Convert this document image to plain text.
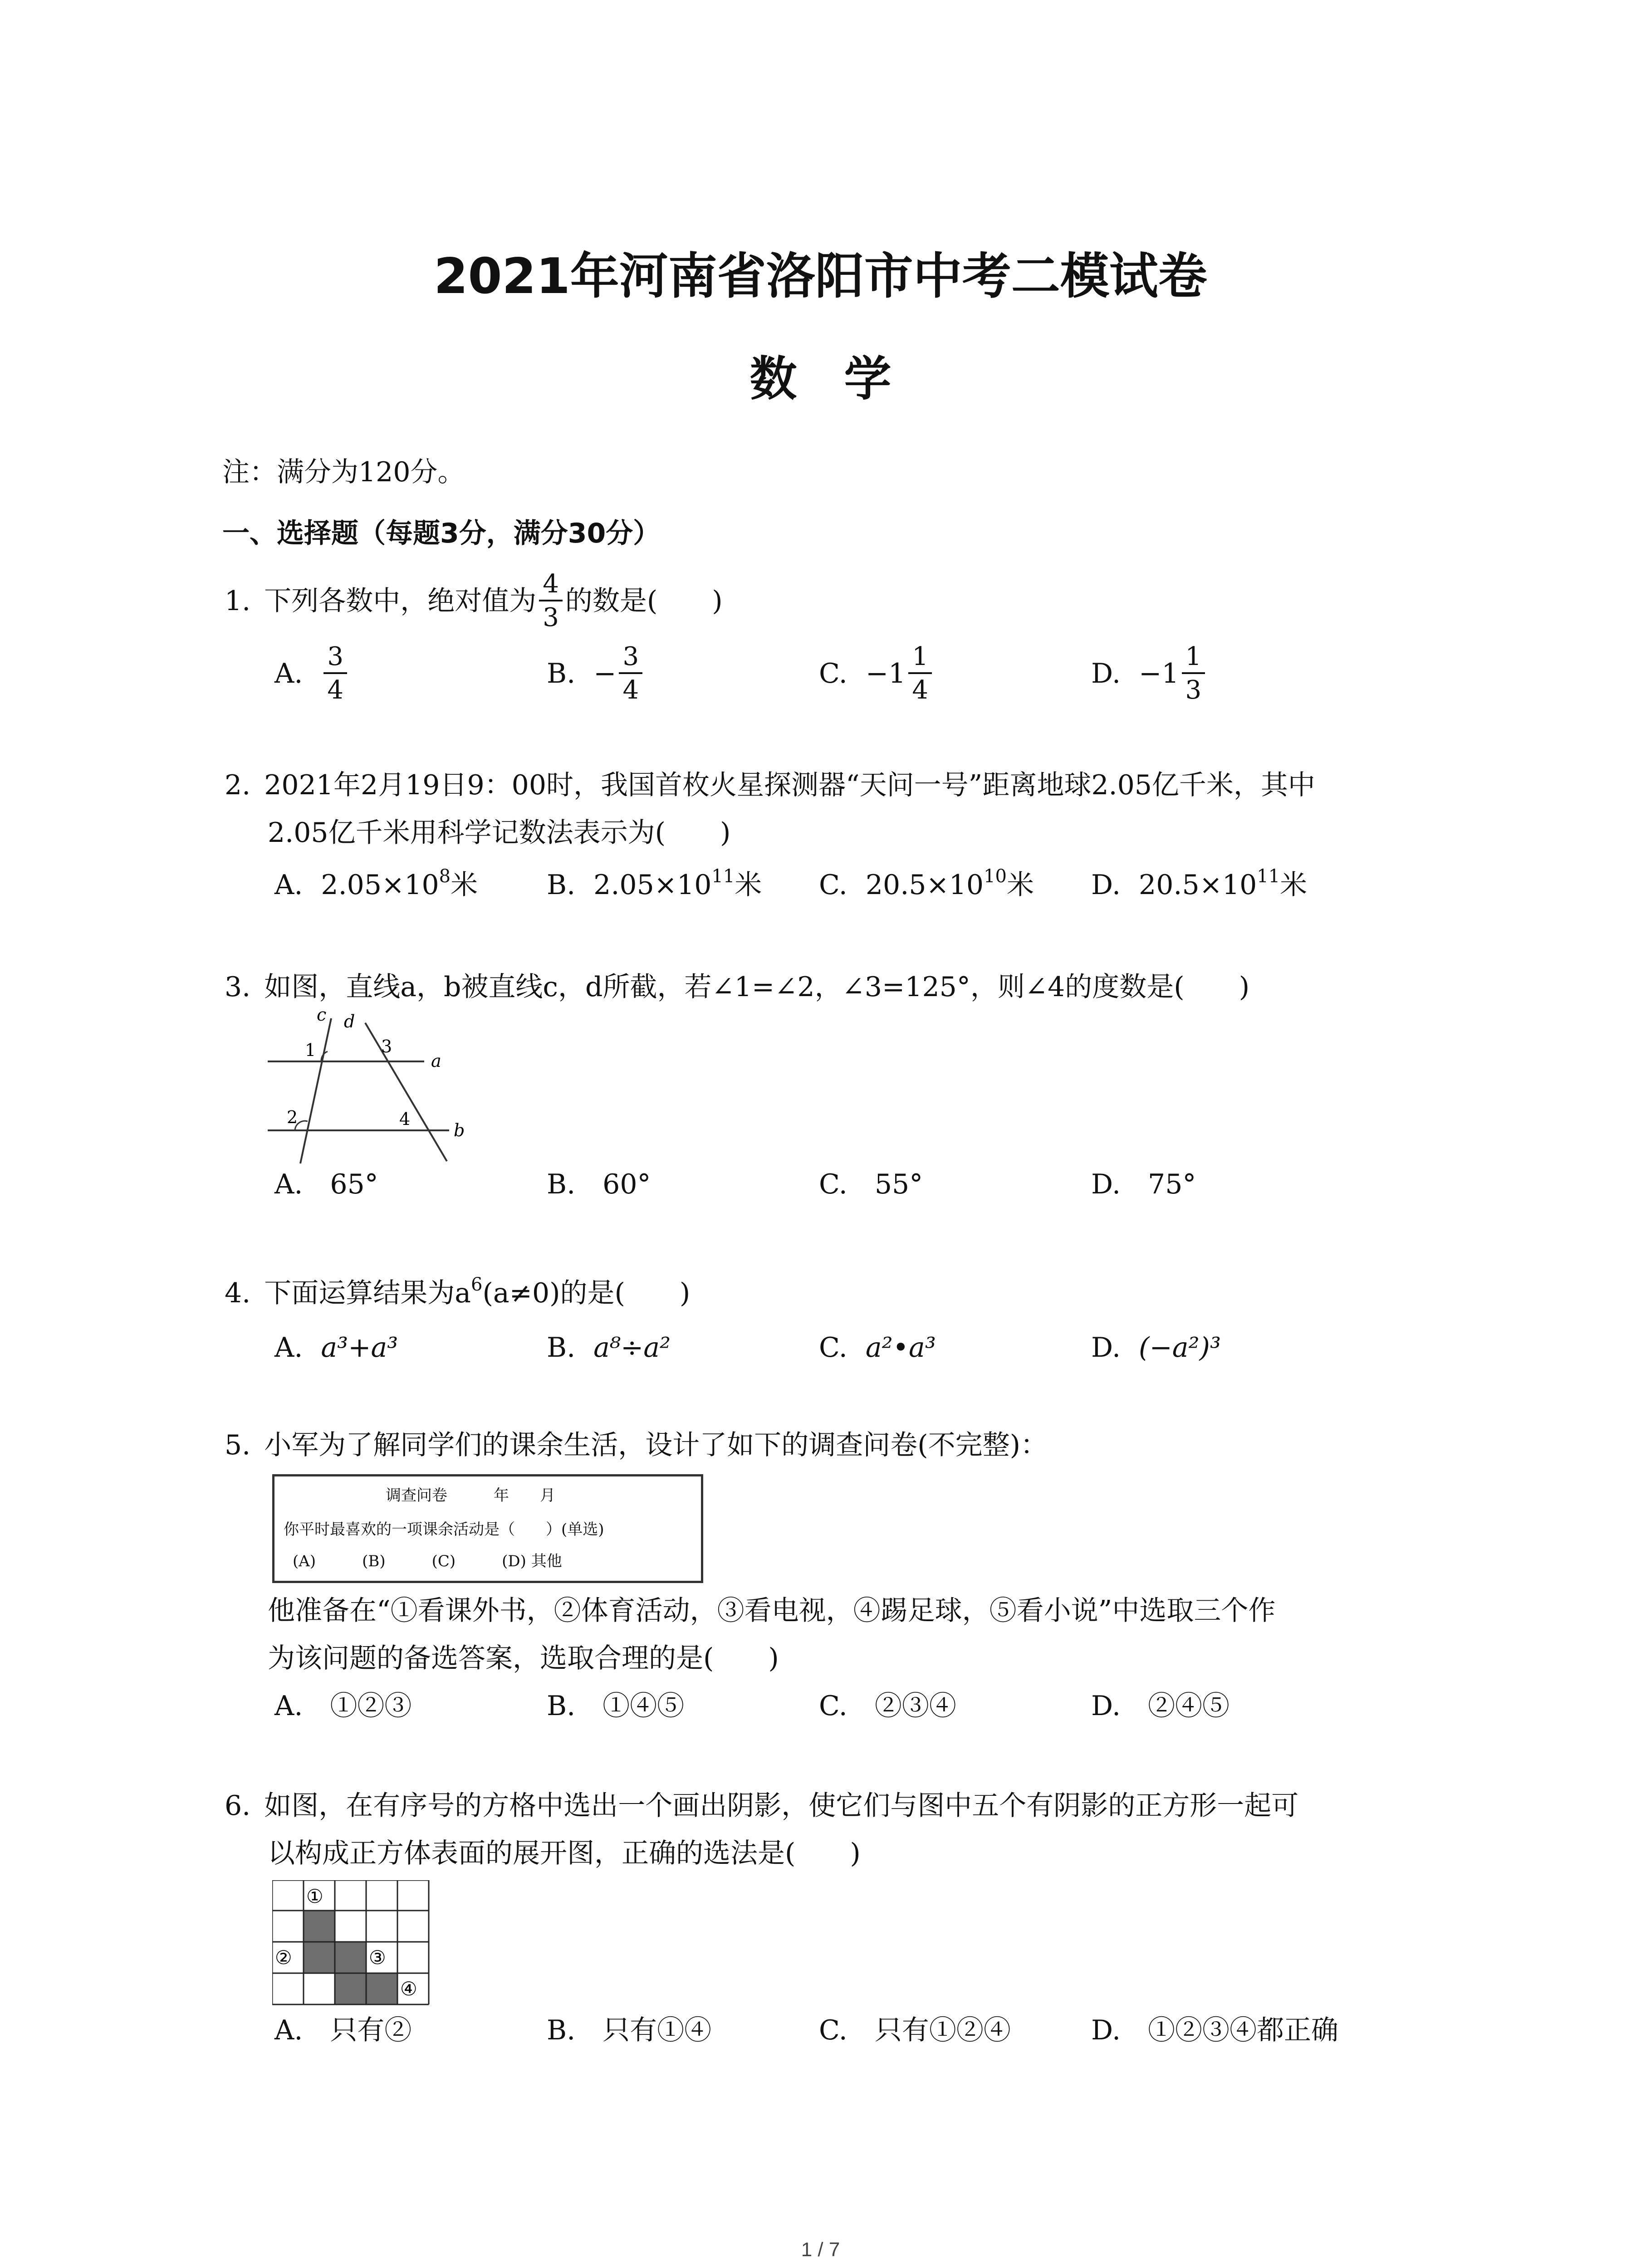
2021年河南省洛阳市中考二模试卷
数　学
注：满分为120分。
一、选择题（每题3分，满分30分）
1. 下列各数中，绝对值为 $\frac{4}{3}$ 的数是(　　)
A. $\frac{3}{4}$	B. − $\frac{3}{4}$	C. − $1 \frac{1}{4}$	D. − $1 \frac{1}{3}$
2. 2021年2月19日9：00时，我国首枚火星探测器“天问一号”距离地球2.05亿千米，其中
2.05亿千米用科学记数法表示为(　　)
A. $2.05\times 10^8$米	B. $2.05\times 10^{11}$米 C. $20.5\times 10^{10}$米 D. $20.5\times 10^{11}$米
3. 如图，直线a，b被直线c，d所截，若∠1=∠2，∠3=125°，则∠4的度数是(　　)
c d
a
b
1
2
3
4
A.　65°	B.　60°	C.　55°	D.　75°
4. 下面运算结果为$a^6(a\ne 0)$的是(　　)
A. a³+a³	B. a⁸÷a²	C. a²•a³	D. (−a²)³
5. 小军为了解同学们的课余生活，设计了如下的调查问卷(不完整)：
调查问卷　　　年　　月
你平时最喜欢的一项课余活动是（　　）(单选)
(A)　　　(B)　　　(C)　　　(D) 其他
他准备在“①看课外书，②体育活动，③看电视，④踢足球，⑤看小说”中选取三个作
为该问题的备选答案，选取合理的是(　　)
A.　①②③	B.　①④⑤	C.　②③④	D.　②④⑤
6. 如图，在有序号的方格中选出一个画出阴影，使它们与图中五个有阴影的正方形一起可
以构成正方体表面的展开图，正确的选法是(　　)
①
②	③
④
A.　只有②	B.　只有①④	C.　只有①②④	D.　①②③④都正确
1 / 7
